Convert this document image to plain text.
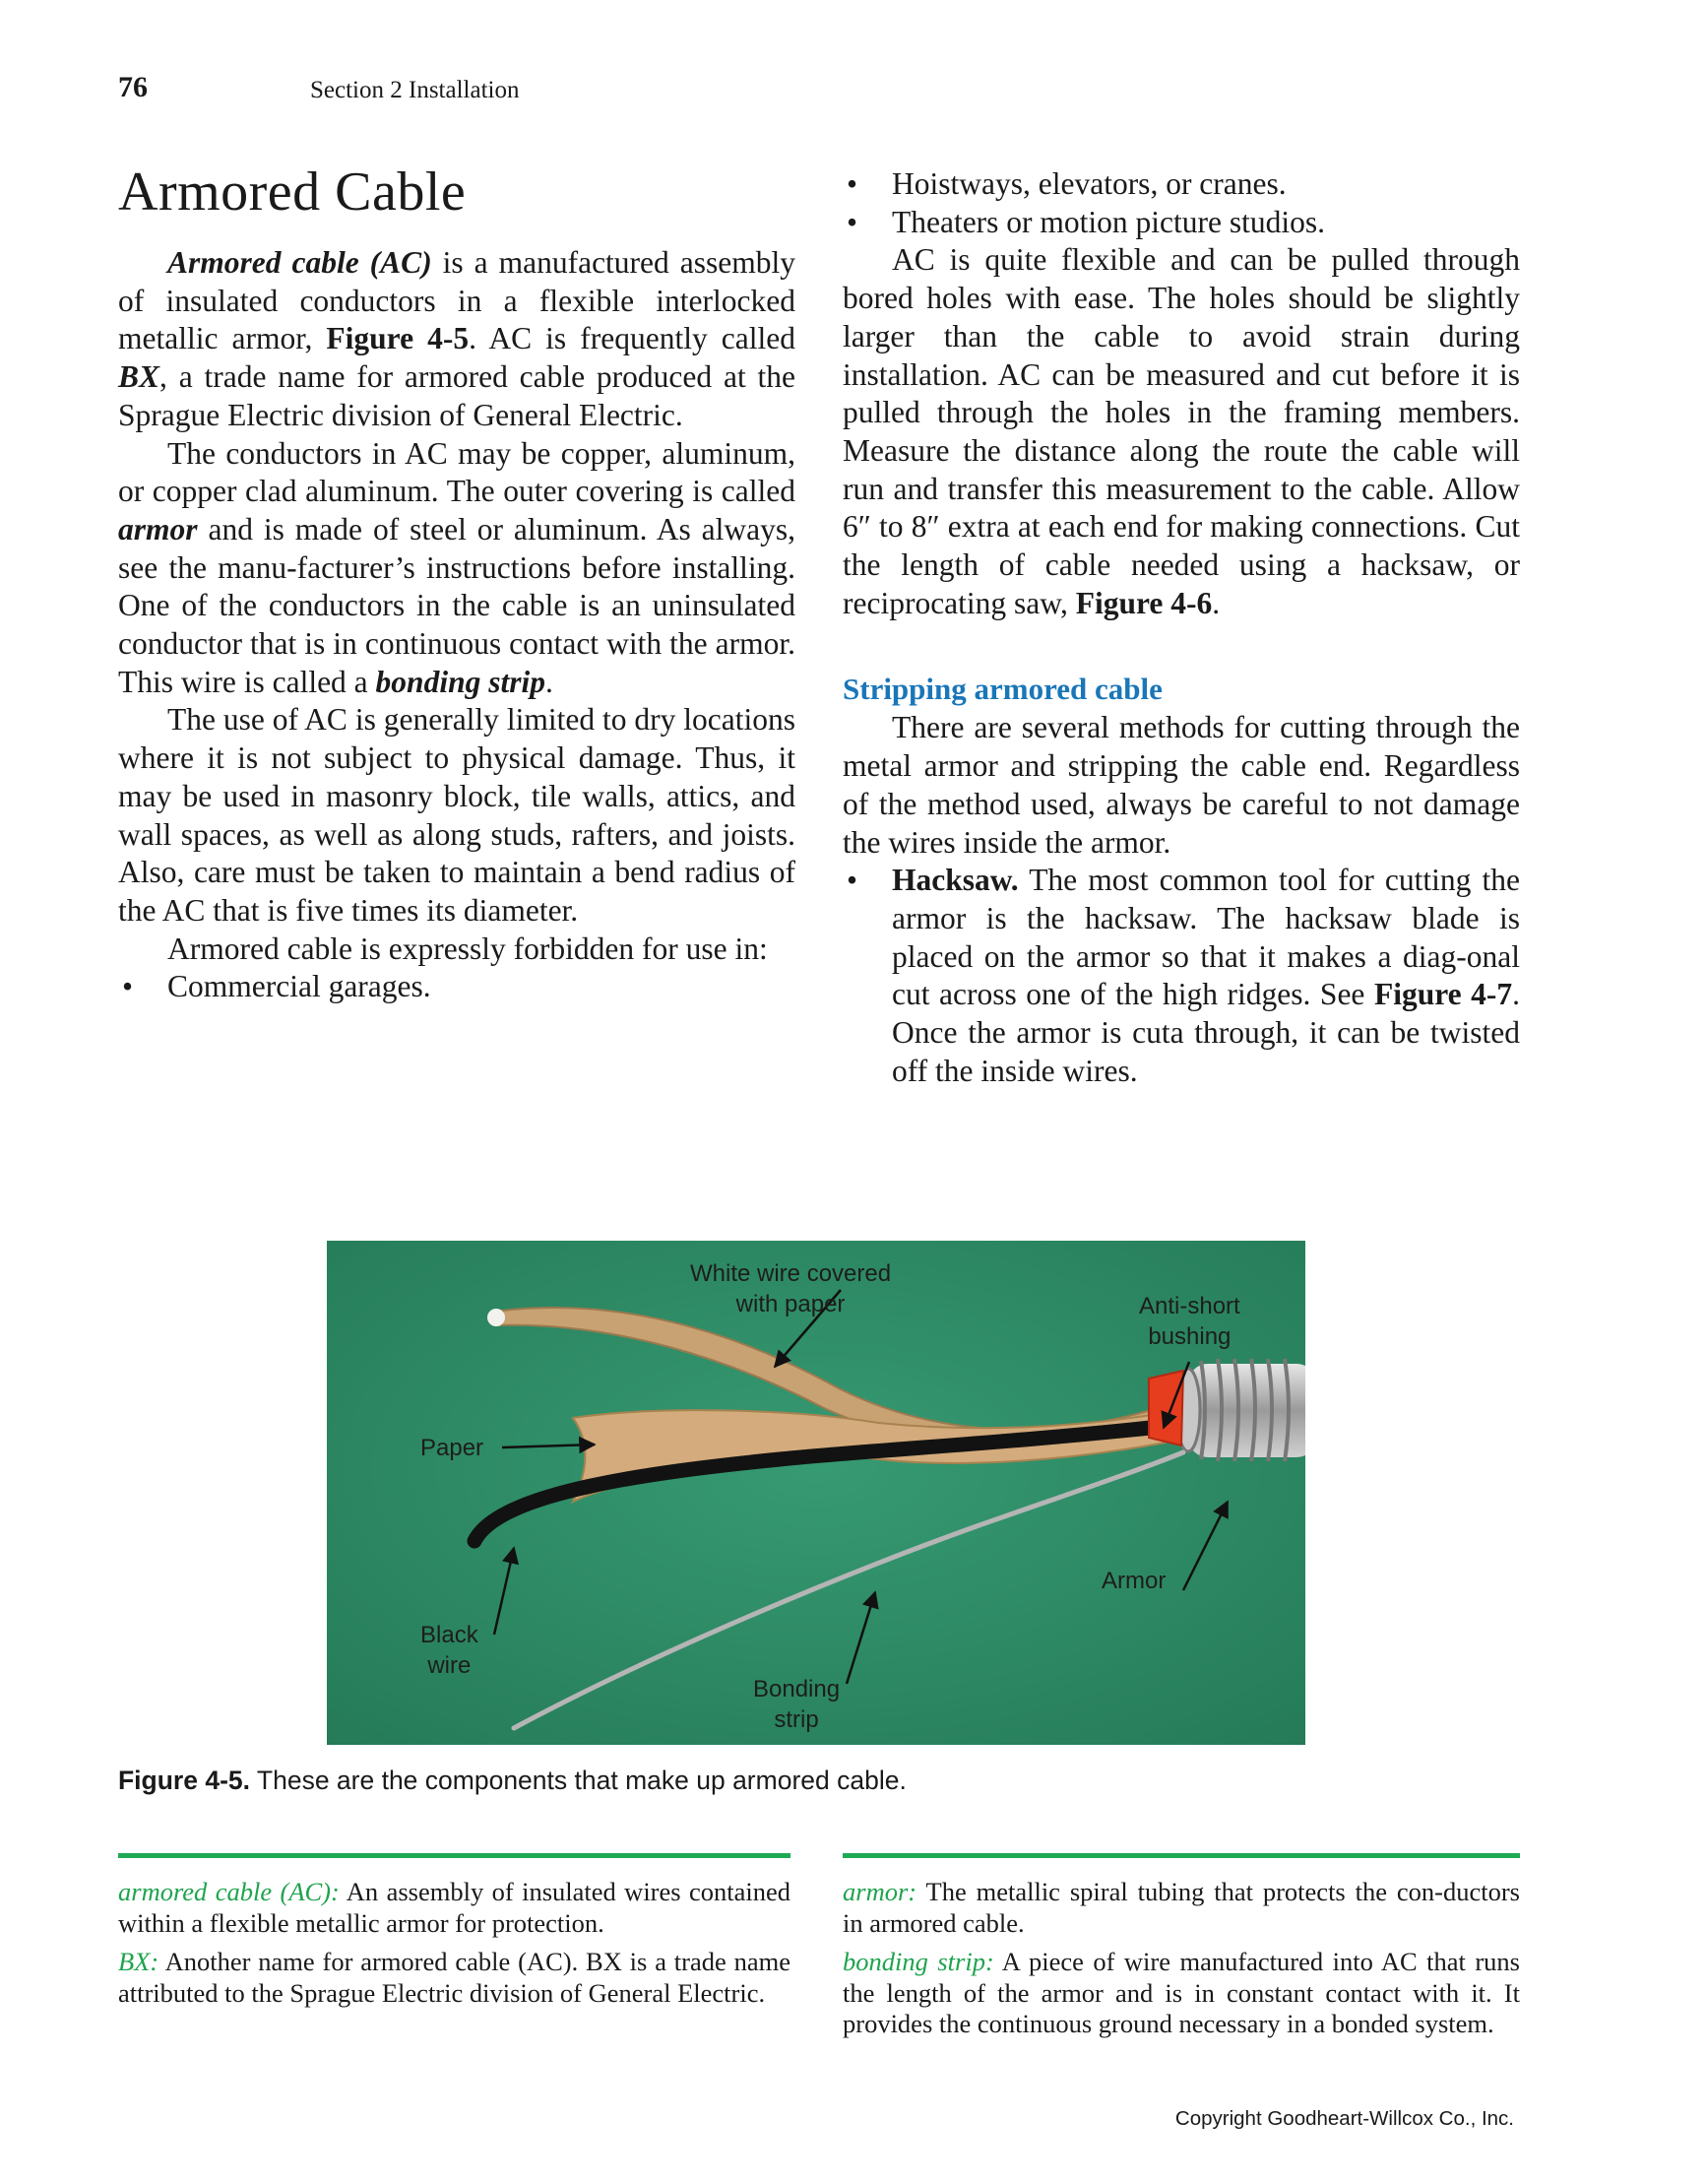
76	Section 2 Installation
Armored Cable

Armored cable (AC) is a manufactured assembly of insulated conductors in a flexible interlocked metallic armor, Figure 4-5. AC is frequently called BX, a trade name for armored cable produced at the Sprague Electric division of General Electric.

The conductors in AC may be copper, aluminum, or copper clad aluminum. The outer covering is called armor and is made of steel or aluminum. As always, see the manu-facturer’s instructions before installing. One of the conductors in the cable is an uninsulated conductor that is in continuous contact with the armor. This wire is called a bonding strip.

The use of AC is generally limited to dry locations where it is not subject to physical damage. Thus, it may be used in masonry block, tile walls, attics, and wall spaces, as well as along studs, rafters, and joists. Also, care must be taken to maintain a bend radius of the AC that is five times its diameter.

Armored cable is expressly forbidden for use in:

• Commercial garages.
• Hoistways, elevators, or cranes.
• Theaters or motion picture studios.

AC is quite flexible and can be pulled through bored holes with ease. The holes should be slightly larger than the cable to avoid strain during installation. AC can be measured and cut before it is pulled through the holes in the framing members. Measure the distance along the route the cable will run and transfer this measurement to the cable. Allow 6″ to 8″ extra at each end for making connections. Cut the length of cable needed using a hacksaw, or reciprocating saw, Figure 4-6.

Stripping armored cable

There are several methods for cutting through the metal armor and stripping the cable end. Regardless of the method used, always be careful to not damage the wires inside the armor.

• Hacksaw. The most common tool for cutting the armor is the hacksaw. The hacksaw blade is placed on the armor so that it makes a diag-onal cut across one of the high ridges. See Figure 4-7. Once the armor is cuta through, it can be twisted off the inside wires.
White wire covered
with paper	Anti-short
bushing
Paper
Armor
Black
wire
Bonding
strip
Figure 4-5. These are the components that make up armored cable.

armored cable (AC): An assembly of insulated wires contained within a flexible metallic armor for protection.

BX: Another name for armored cable (AC). BX is a trade name attributed to the Sprague Electric division of General Electric.

armor: The metallic spiral tubing that protects the con-ductors in armored cable.

bonding strip: A piece of wire manufactured into AC that runs the length of the armor and is in constant contact with it. It provides the continuous ground necessary in a bonded system.

Copyright Goodheart-Willcox Co., Inc.
